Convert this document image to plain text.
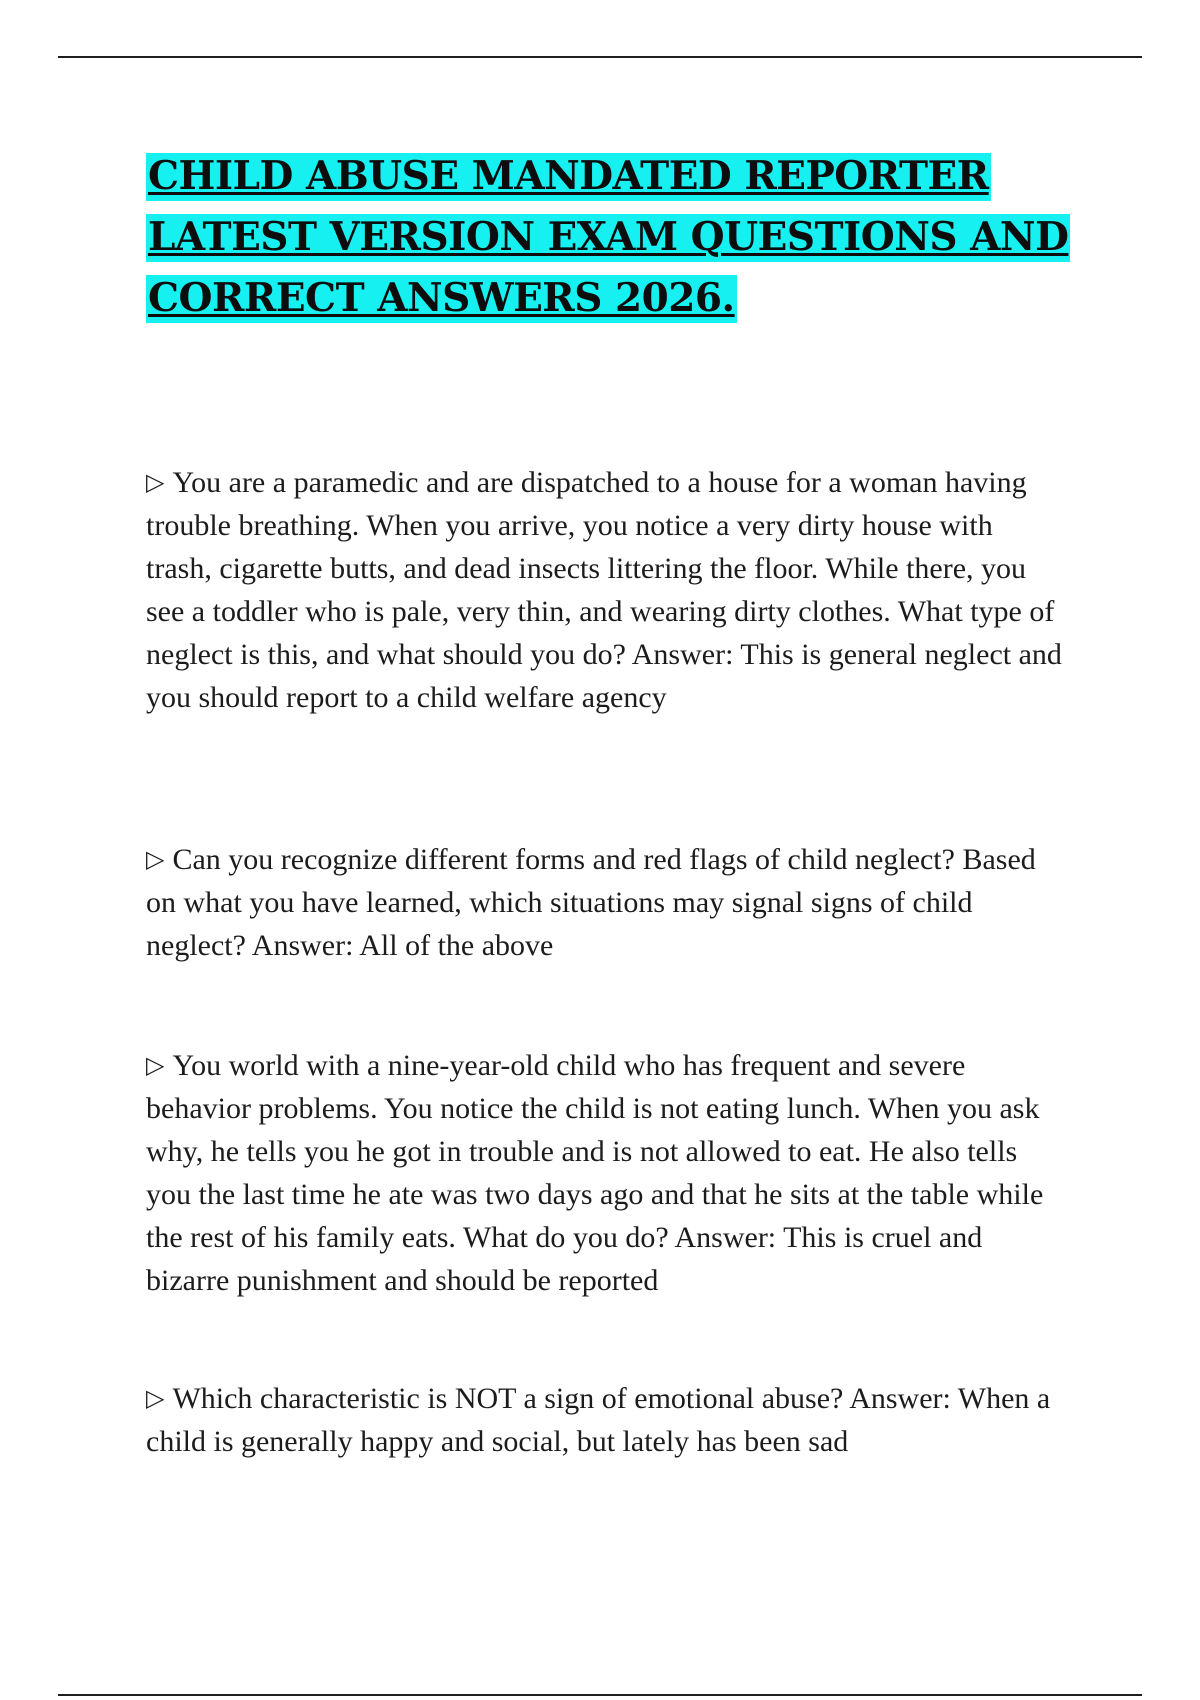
CHILD ABUSE MANDATED REPORTER
LATEST VERSION EXAM QUESTIONS AND
CORRECT ANSWERS 2026.

▷ You are a paramedic and are dispatched to a house for a woman having trouble breathing. When you arrive, you notice a very dirty house with trash, cigarette butts, and dead insects littering the floor. While there, you see a toddler who is pale, very thin, and wearing dirty clothes. What type of neglect is this, and what should you do? Answer: This is general neglect and you should report to a child welfare agency

▷ Can you recognize different forms and red flags of child neglect? Based on what you have learned, which situations may signal signs of child neglect? Answer: All of the above

▷ You world with a nine-year-old child who has frequent and severe behavior problems. You notice the child is not eating lunch. When you ask why, he tells you he got in trouble and is not allowed to eat. He also tells you the last time he ate was two days ago and that he sits at the table while the rest of his family eats. What do you do? Answer: This is cruel and bizarre punishment and should be reported

▷ Which characteristic is NOT a sign of emotional abuse? Answer: When a child is generally happy and social, but lately has been sad
